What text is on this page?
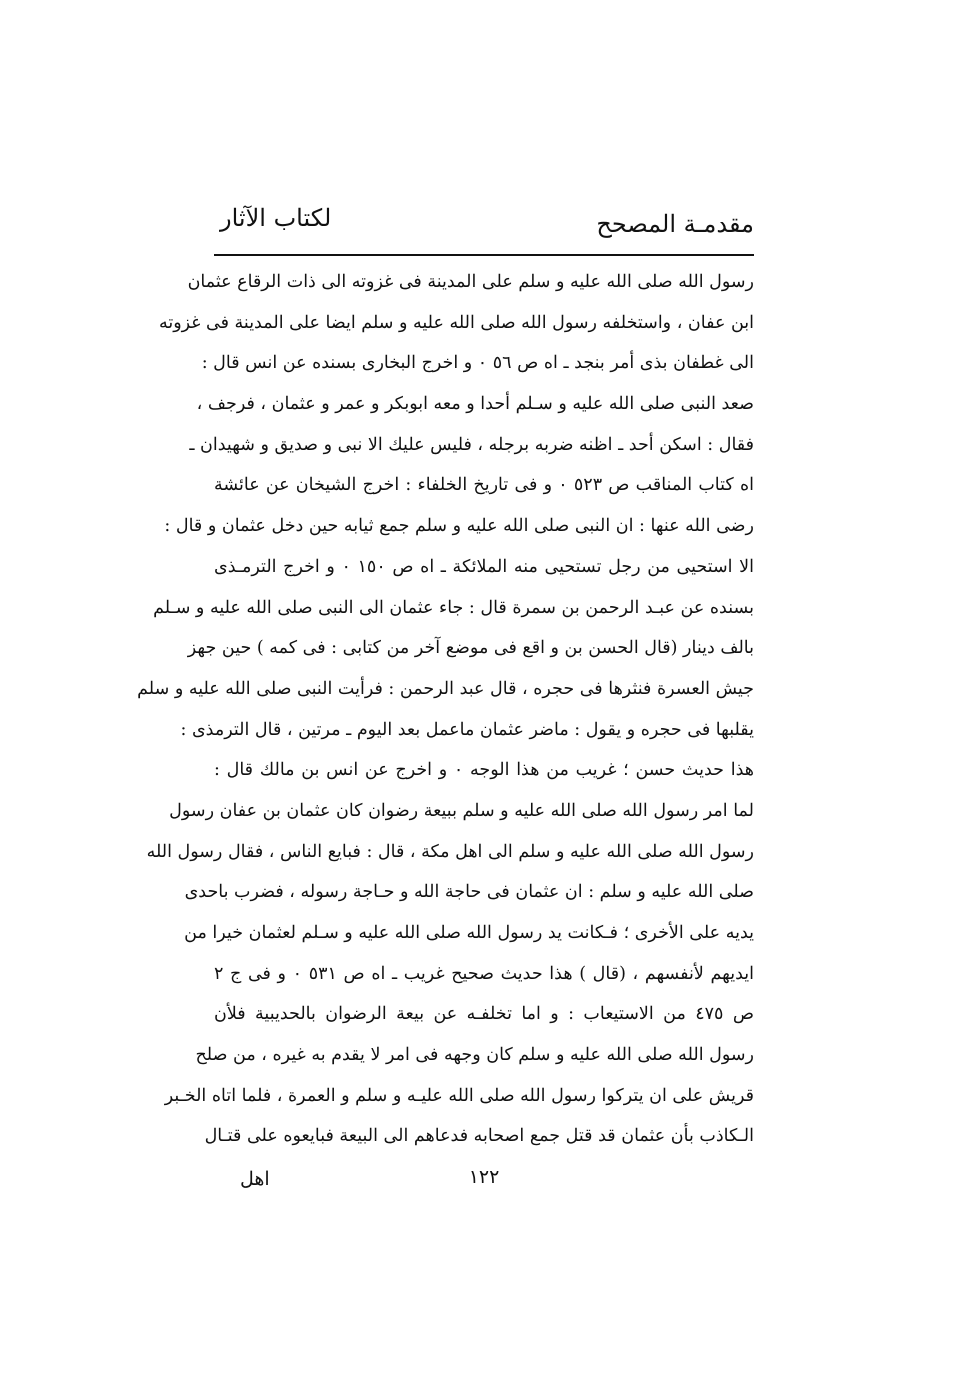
مقدمـة المصحح
لكتاب الآثار
رسول الله صلى الله عليه و سلم على المدينة فى غزوته الى ذات الرقاع عثمان
ابن عفان ، واستخلفه رسول الله صلى الله عليه و سلم ايضا على المدينة فى غزوته
الى غطفان بذى أمر بنجد ـ اه ص ٥٦ ٠ و اخرج البخارى بسنده عن انس قال :
صعد النبى صلى الله عليه و سـلم أحدا و معه ابوبكر و عمر و عثمان ، فرجف ،
فقال : اسكن أحد ـ اظنه ضربه برجله ، فليس عليك الا نبى و صديق و شهيدان ـ
اه كتاب المناقب ص ٥٢٣ ٠ و فى تاريخ الخلفاء : اخرج الشيخان عن عائشة
رضى الله عنها : ان النبى صلى الله عليه و سلم جمع ثيابه حين دخل عثمان و قال :
الا استحيى من رجل تستحيى منه الملائكة ـ اه ص ١٥٠ ٠ و اخرج الترمـذى
بسنده عن عبـد الرحمن بن سمرة قال : جاء عثمان الى النبى صلى الله عليه و سـلم
بالف دينار (قال الحسن بن و اقع فى موضع آخر من كتابى : فى كمه ) حين جهز
جيش العسرة فنثرها فى حجره ، قال عبد الرحمن : فرأيت النبى صلى الله عليه و سلم
يقلبها فى حجره و يقول : ماضر عثمان ماعمل بعد اليوم ـ مرتين ، قال الترمذى :
هذا حديث حسن ؛ غريب من هذا الوجه ٠ و اخرج عن انس بن مالك قال :
لما امر رسول الله صلى الله عليه و سلم ببيعة رضوان كان عثمان بن عفان رسول
رسول الله صلى الله عليه و سلم الى اهل مكة ، قال : فبايع الناس ، فقال رسول الله
صلى الله عليه و سلم : ان عثمان فى حاجة الله و حـاجة رسوله ، فضرب باحدى
يديه على الأخرى ؛ فـكانت يد رسول الله صلى الله عليه و سـلم لعثمان خيرا من
ايديهم لأنفسهم ، (قال ) هذا حديث صحيح غريب ـ اه ص ٥٣١ ٠ و فى ج ٢
ص ٤٧٥ من الاستيعاب : و اما تخلفـه عن بيعة الرضوان بالحديبية فلأن
رسول الله صلى الله عليه و سلم كان وجهه فى امر لا يقدم به غيره ، من صلح
قريش على ان يتركوا رسول الله صلى الله عليـه و سلم و العمرة ، فلما اتاه الخـبر
الـكاذب بأن عثمان قد قتل جمع اصحابه فدعاهم الى البيعة فبايعوه على قتـال
١٢٢
اهل
